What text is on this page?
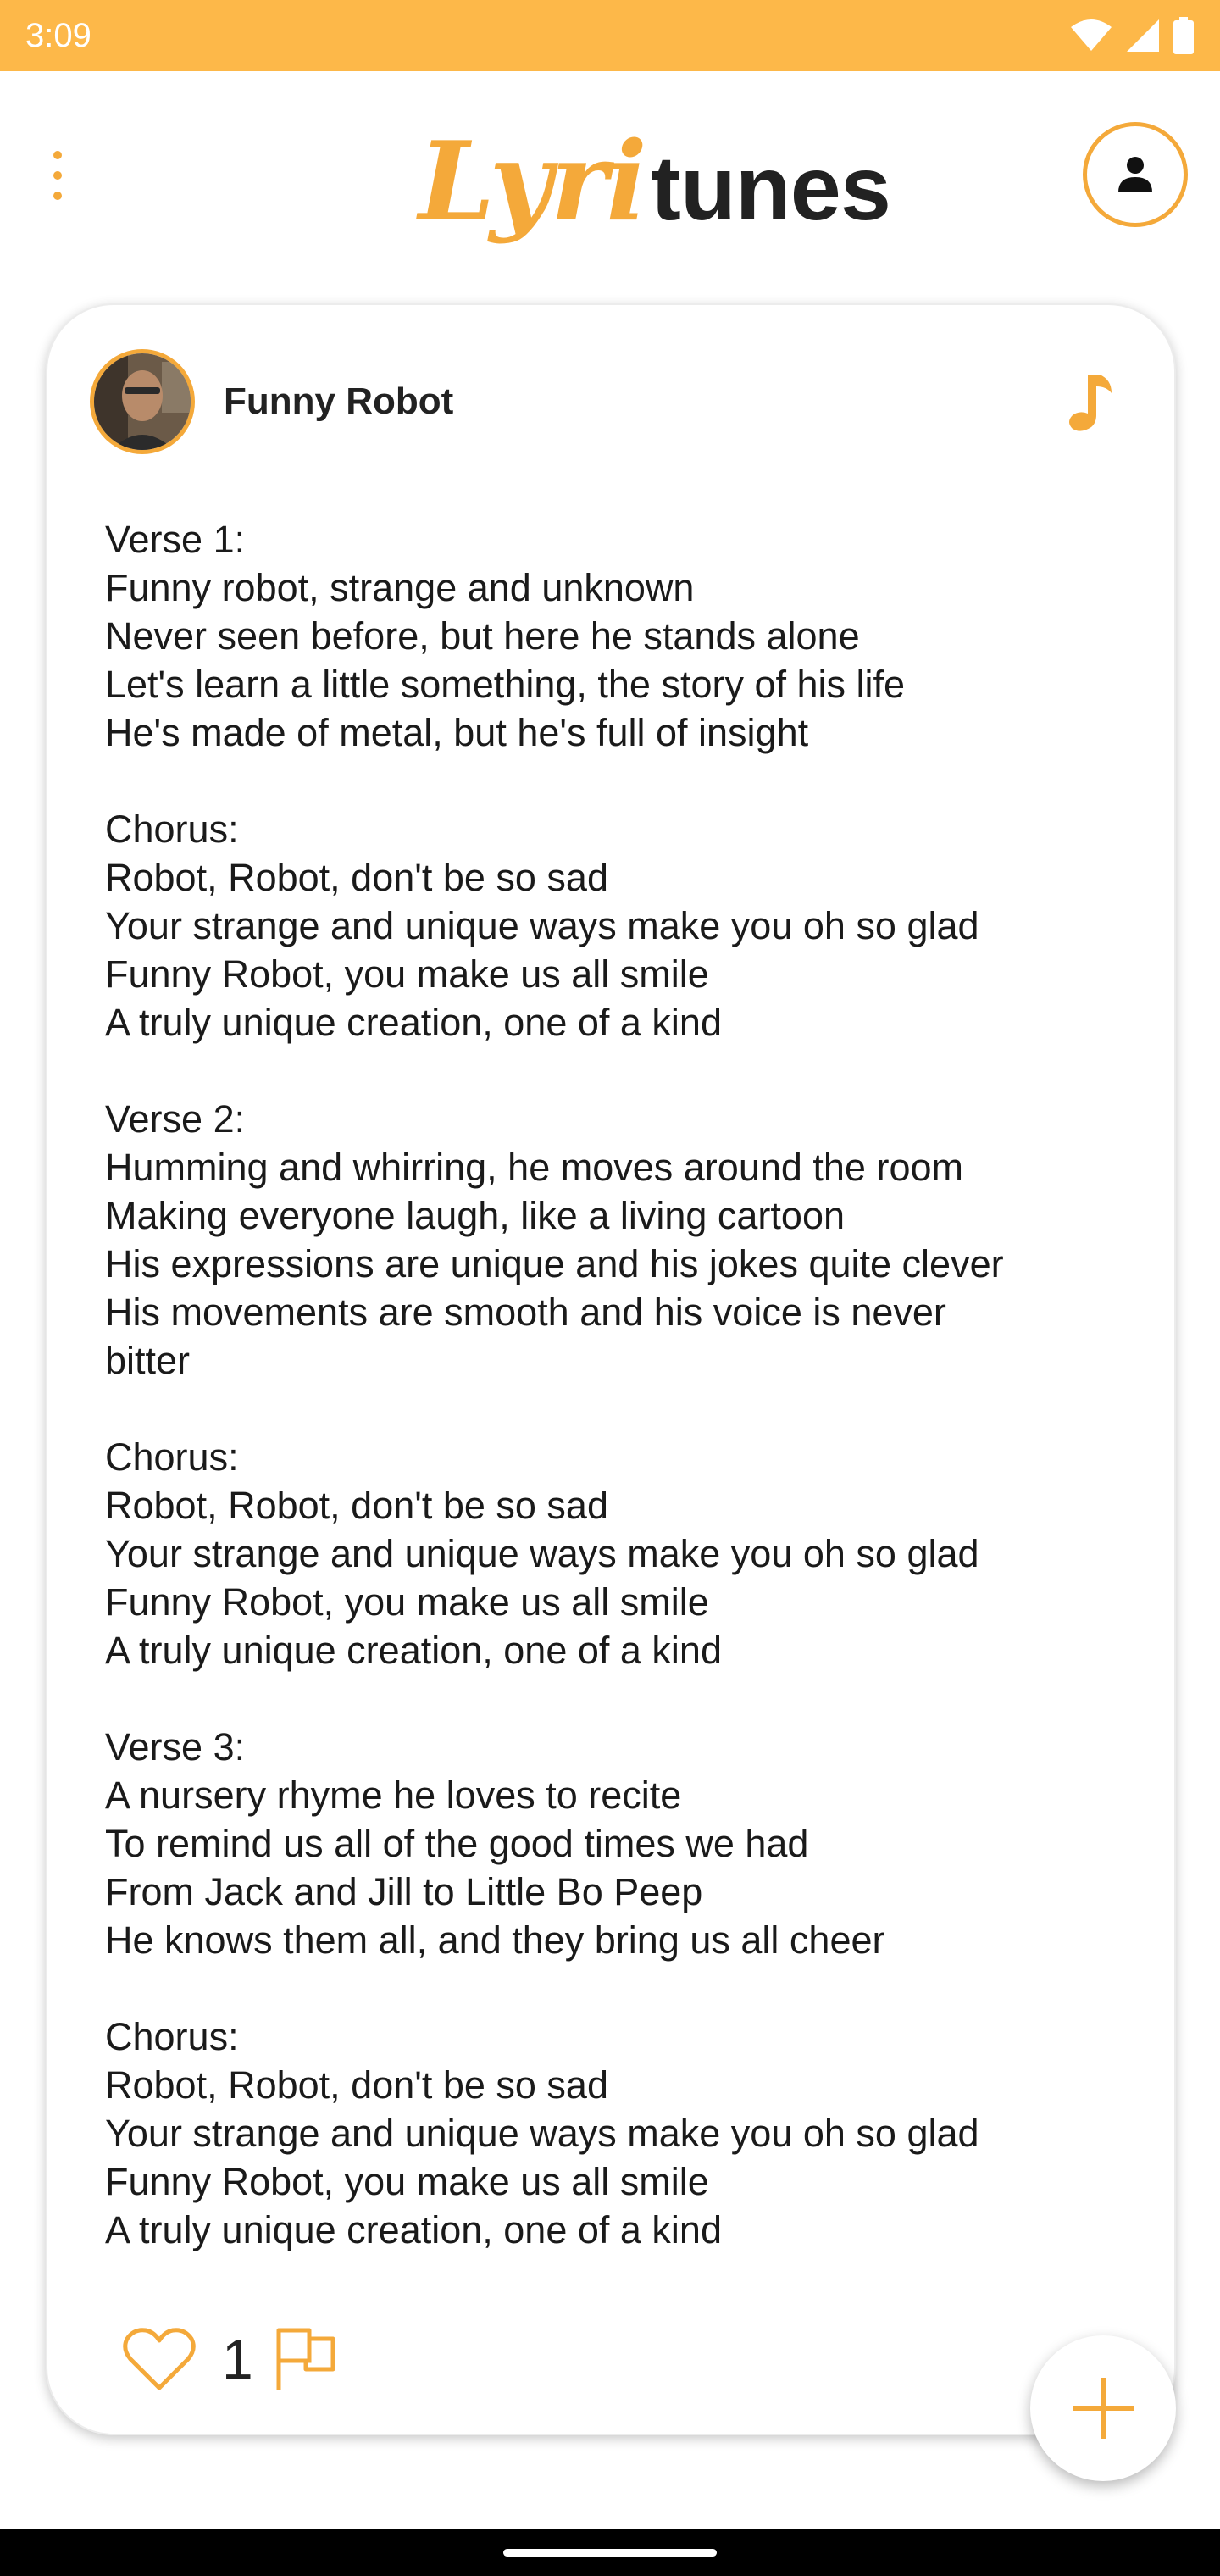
3:09
Lyri tunes
Funny Robot
Verse 1:
Funny robot, strange and unknown
Never seen before, but here he stands alone
Let's learn a little something, the story of his life
He's made of metal, but he's full of insight

Chorus:
Robot, Robot, don't be so sad
Your strange and unique ways make you oh so glad
Funny Robot, you make us all smile
A truly unique creation, one of a kind

Verse 2:
Humming and whirring, he moves around the room
Making everyone laugh, like a living cartoon
His expressions are unique and his jokes quite clever
His movements are smooth and his voice is never
bitter

Chorus:
Robot, Robot, don't be so sad
Your strange and unique ways make you oh so glad
Funny Robot, you make us all smile
A truly unique creation, one of a kind

Verse 3:
A nursery rhyme he loves to recite
To remind us all of the good times we had
From Jack and Jill to Little Bo Peep
He knows them all, and they bring us all cheer

Chorus:
Robot, Robot, don't be so sad
Your strange and unique ways make you oh so glad
Funny Robot, you make us all smile
A truly unique creation, one of a kind
1
